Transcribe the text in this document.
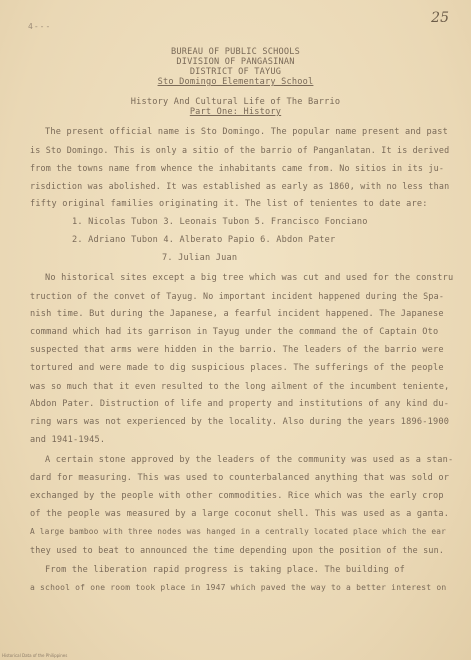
25
4---
BUREAU OF PUBLIC SCHOOLS
DIVISION OF PANGASINAN
DISTRICT OF TAYUG
Sto Domingo Elementary School
History And Cultural Life of The Barrio
Part One: History
The present official name is Sto Domingo. The popular name present and past
is Sto Domingo. This is only a sitio of the barrio of Panganlatan. It is derived
from the towns name from whence the inhabitants came from. No sitios in its ju-
risdiction was abolished. It was established as early as 1860, with no less than
fifty original families originating it. The list of tenientes to date are:
1. Nicolas Tubon 3. Leonais Tubon 5. Francisco Fonciano
2. Adriano Tubon 4. Alberato Papio 6. Abdon Pater
7. Julian Juan
No historical sites except a big tree which was cut and used for the constru
truction of the convet of Tayug. No important incident happened during the Spa-
nish time. But during the Japanese, a fearful incident happened. The Japanese
command which had its garrison in Tayug under the command the of Captain Oto
suspected that arms were hidden in the barrio. The leaders of the barrio were
tortured and were made to dig suspicious places. The sufferings of the people
was so much that it even resulted to the long ailment of the incumbent teniente,
Abdon Pater. Distruction of life and property and institutions of any kind du-
ring wars was not experienced by the locality. Also during the years 1896-1900
and 1941-1945.
A certain stone approved by the leaders of the community was used as a stan-
dard for measuring. This was used to counterbalanced anything that was sold or
exchanged by the people with other commodities. Rice which was the early crop
of the people was measured by a large coconut shell. This was used as a ganta.
A large bamboo with three nodes was hanged in a centrally located place which the ear
they used to beat to announced the time depending upon the position of the sun.
From the liberation rapid progress is taking place. The building of
a school of one room took place in 1947 which paved the way to a better interest on
Historical Data of the Philippines
